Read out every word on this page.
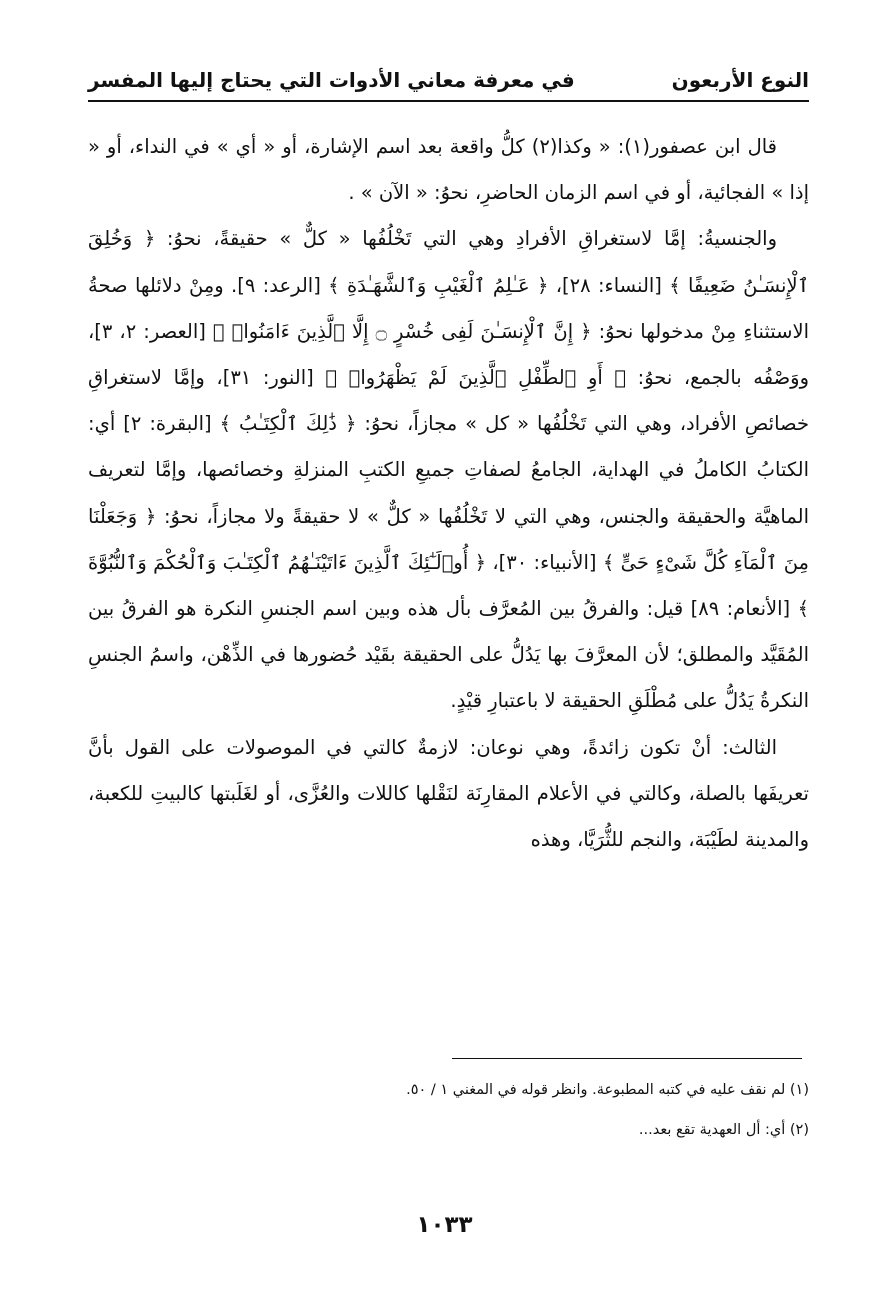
النوع الأربعون
في معرفة معاني الأدوات التي يحتاج إليها المفسر

قال ابن عصفور(١): « وكذا(٢) كلُّ واقعة بعد اسم الإشارة، أو « أي » في النداء، أو « إذا » الفجائية، أو في اسم الزمان الحاضرِ، نحوُ: « الآن » .

والجنسيةُ: إمَّا لاستغراقِ الأفرادِ وهي التي تَخْلُفُها « كلٌّ » حقيقةً، نحوُ: ﴿ وَخُلِقَ ٱلْإِنسَـٰنُ ضَعِيفًا ﴾ [النساء: ٢٨]، ﴿ عَـٰلِمُ ٱلْغَيْبِ وَٱلشَّهَـٰدَةِ ﴾ [الرعد: ٩]. ومِنْ دلائلها صحةُ الاستثناءِ مِنْ مدخولها نحوُ: ﴿ إِنَّ ٱلْإِنسَـٰنَ لَفِى خُسْرٍ ۝ إِلَّا ٱلَّذِينَ ءَامَنُوا۟ ﴾ [العصر: ٢، ٣]، ووَصْفُه بالجمع، نحوُ: ﴿ أَوِ ٱلطِّفْلِ ٱلَّذِينَ لَمْ يَظْهَرُوا۟ ﴾ [النور: ٣١]، وإمَّا لاستغراقِ خصائصِ الأفراد، وهي التي تَخْلُفُها « كل » مجازاً، نحوُ: ﴿ ذَٰلِكَ ٱلْكِتَـٰبُ ﴾ [البقرة: ٢] أي: الكتابُ الكاملُ في الهداية، الجامعُ لصفاتِ جميعِ الكتبِ المنزلةِ وخصائصها، وإمَّا لتعريف الماهيَّة والحقيقة والجنس، وهي التي لا تَخْلُفُها « كلٌّ » لا حقيقةً ولا مجازاً، نحوُ: ﴿ وَجَعَلْنَا مِنَ ٱلْمَآءِ كُلَّ شَىْءٍ حَىٍّ ﴾ [الأنبياء: ٣٠]، ﴿ أُو۟لَـٰٓئِكَ ٱلَّذِينَ ءَاتَيْنَـٰهُمُ ٱلْكِتَـٰبَ وَٱلْحُكْمَ وَٱلنُّبُوَّةَ ﴾ [الأنعام: ٨٩] قيل: والفرقُ بين المُعرَّف بأل هذه وبين اسم الجنسِ النكرة هو الفرقُ بين المُقَيَّد والمطلق؛ لأن المعرَّفَ بها يَدُلُّ على الحقيقة بقَيْد حُضورها في الذِّهْن، واسمُ الجنسِ النكرةُ يَدُلُّ على مُطْلَقِ الحقيقة لا باعتبارِ قيْدٍ.

الثالث: أنْ تكون زائدةً، وهي نوعان: لازمةٌ كالتي في الموصولات على القول بأنَّ تعريفَها بالصلة، وكالتي في الأعلام المقارِنَة لنَقْلها كاللات والعُزَّى، أو لغَلَبتها كالبيتِ للكعبة، والمدينة لطَيْبَة، والنجم للثُّرَيَّا، وهذه

(١) لم نقف عليه في كتبه المطبوعة. وانظر قوله في المغني ١ / ٥٠.

(٢) أي: أل العهدية تقع بعد...

١٠٣٣
